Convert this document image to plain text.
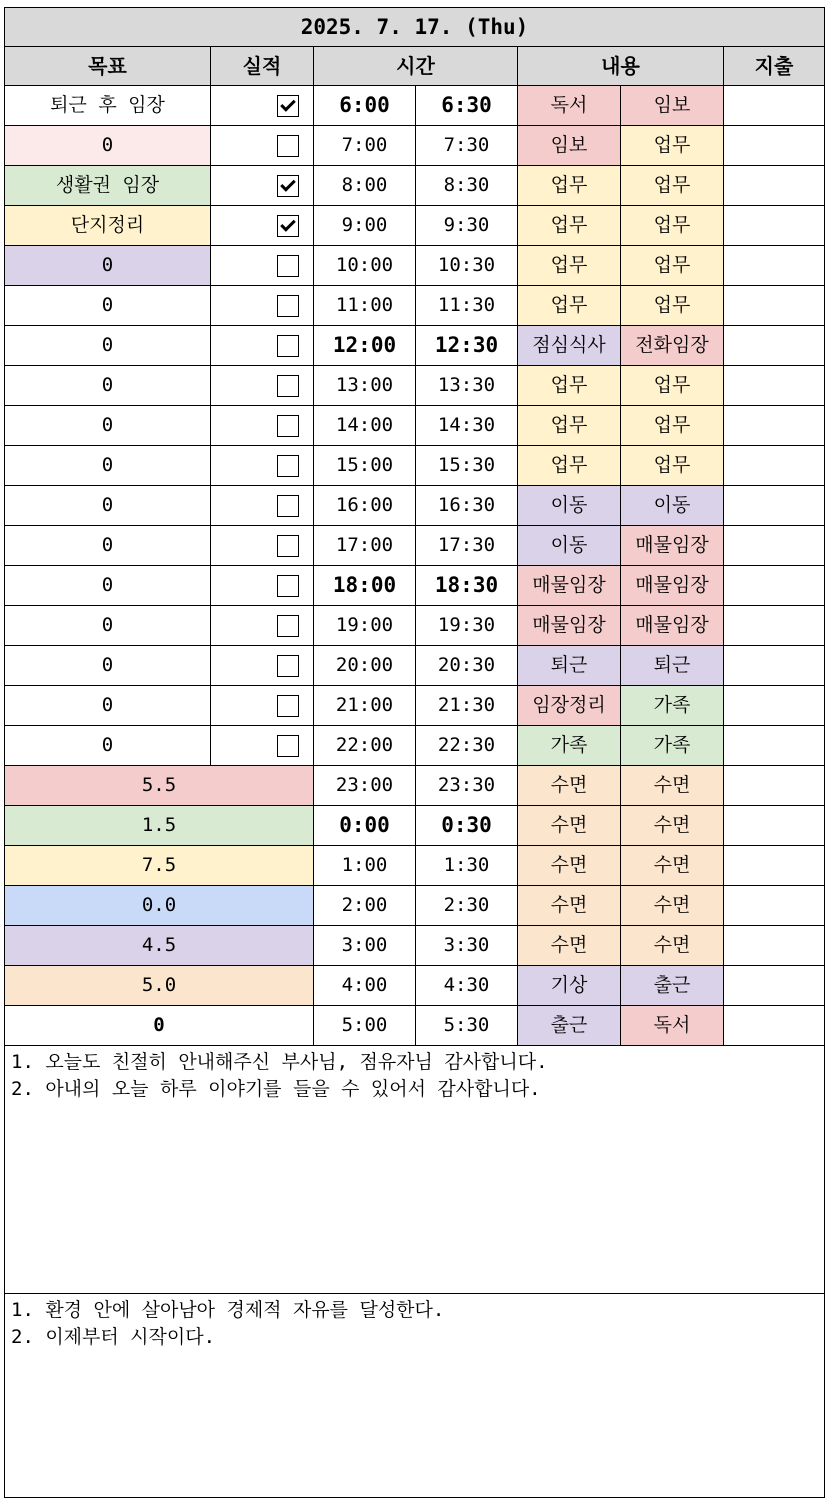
2025. 7. 17. (Thu)						
목표	실적	시간		내용		지출
퇴근 후 임장		6:00	6:30	독서	임보	
0		7:00	7:30	임보	업무	
생활권 임장		8:00	8:30	업무	업무	
단지정리		9:00	9:30	업무	업무	
0		10:00	10:30	업무	업무	
0		11:00	11:30	업무	업무	
0		12:00	12:30	점심식사	전화임장	
0		13:00	13:30	업무	업무	
0		14:00	14:30	업무	업무	
0		15:00	15:30	업무	업무	
0		16:00	16:30	이동	이동	
0		17:00	17:30	이동	매물임장	
0		18:00	18:30	매물임장	매물임장	
0		19:00	19:30	매물임장	매물임장	
0		20:00	20:30	퇴근	퇴근	
0		21:00	21:30	임장정리	가족	
0		22:00	22:30	가족	가족	
5.5		23:00	23:30	수면	수면	
1.5		0:00	0:30	수면	수면	
7.5		1:00	1:30	수면	수면	
0.0		2:00	2:30	수면	수면	
4.5		3:00	3:30	수면	수면	
5.0		4:00	4:30	기상	출근	
0		5:00	5:30	출근	독서	
1. 오늘도 친절히 안내해주신 부사님, 점유자님 감사합니다.
2. 아내의 오늘 하루 이야기를 들을 수 있어서 감사합니다.						
1. 환경 안에 살아남아 경제적 자유를 달성한다.
2. 이제부터 시작이다.						
